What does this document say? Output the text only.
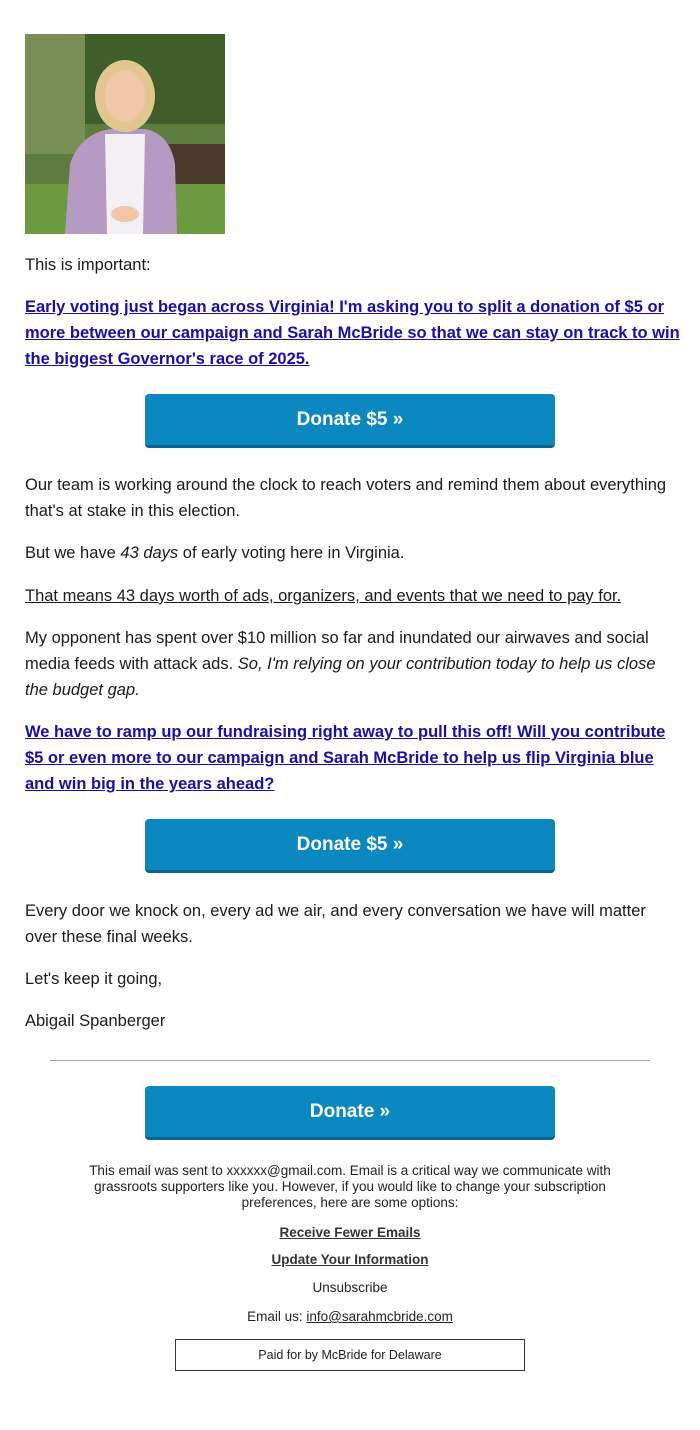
This is important:

Early voting just began across Virginia! I'm asking you to split a donation of $5 or more between our campaign and Sarah McBride so that we can stay on track to win the biggest Governor's race of 2025.

Donate $5 »

Our team is working around the clock to reach voters and remind them about everything that's at stake in this election.

But we have 43 days of early voting here in Virginia.

That means 43 days worth of ads, organizers, and events that we need to pay for.

My opponent has spent over $10 million so far and inundated our airwaves and social media feeds with attack ads. So, I'm relying on your contribution today to help us close the budget gap.

We have to ramp up our fundraising right away to pull this off! Will you contribute $5 or even more to our campaign and Sarah McBride to help us flip Virginia blue and win big in the years ahead?

Donate $5 »

Every door we knock on, every ad we air, and every conversation we have will matter over these final weeks.

Let's keep it going,

Abigail Spanberger

Donate »

This email was sent to xxxxxx@gmail.com. Email is a critical way we communicate with grassroots supporters like you. However, if you would like to change your subscription preferences, here are some options:

Receive Fewer Emails

Update Your Information

Unsubscribe

Email us: info@sarahmcbride.com

Paid for by McBride for Delaware
